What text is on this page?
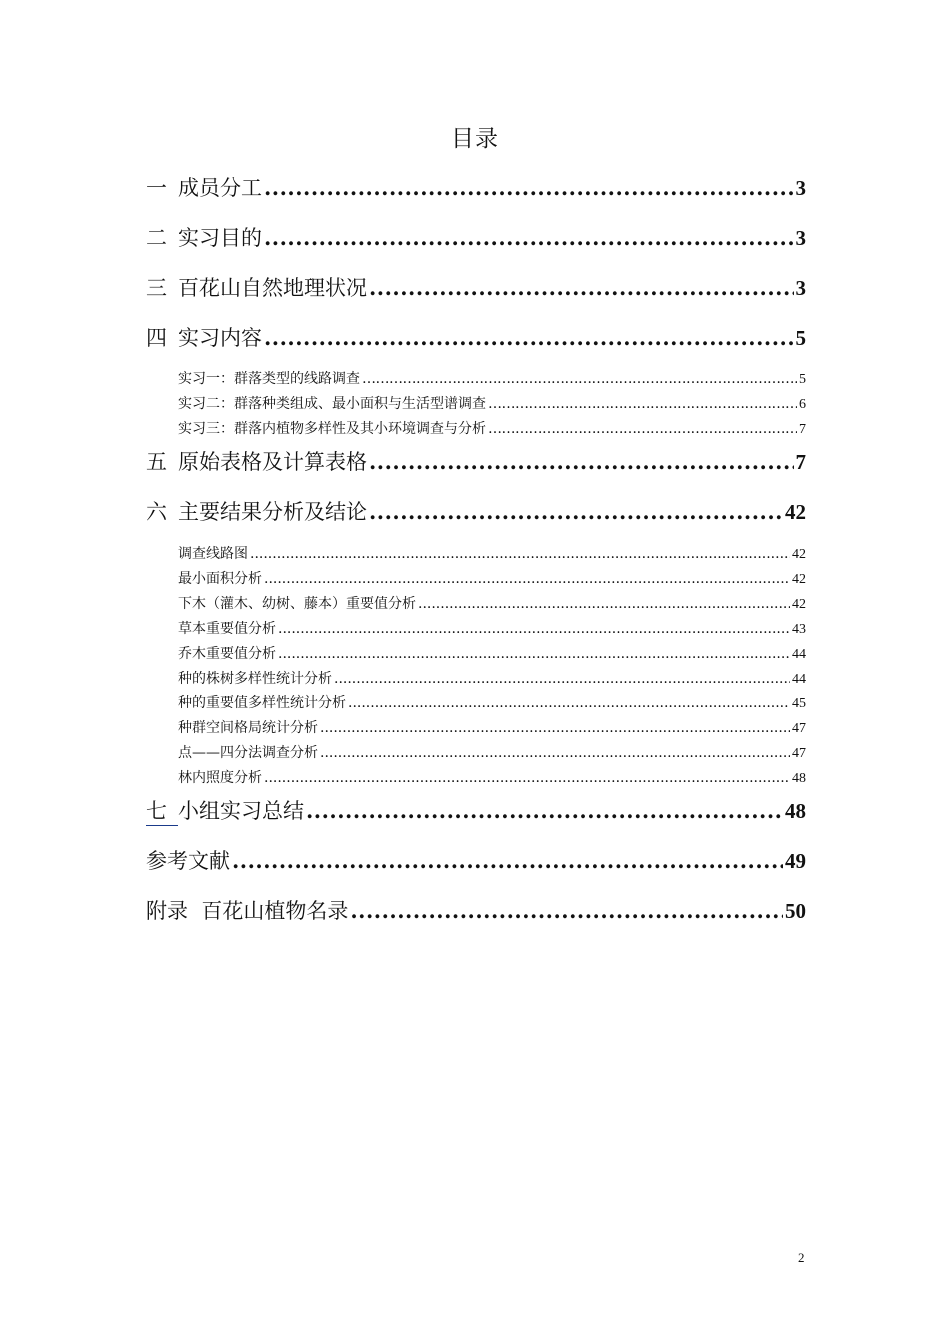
目录
一 成员分工 .....	3
二 实习目的 .....	3
三 百花山自然地理状况 .....	3
四 实习内容 .....	5
实习一：群落类型的线路调查 …………………………………………………………………………………………………………………………………………………………………………………………………………	5
实习二：群落种类组成、最小面积与生活型谱调查 …………………………………………………………………………………………………………………………………………………………………………………………………………	6
实习三：群落内植物多样性及其小环境调查与分析 …………………………………………………………………………………………………………………………………………………………………………………………………………	7
五 原始表格及计算表格 .....	7
六 主要结果分析及结论 .....	42
调查线路图 .....	42
最小面积分析 .....	42
下木（灌木、幼树、藤本）重要值分析 .....	42
草本重要值分析 .....	43
乔木重要值分析 .....	44
种的株树多样性统计分析 .....	44
种的重要值多样性统计分析 .....	45
种群空间格局统计分析 .....	47
点——四分法调查分析 .....	47
林内照度分析 .....	48
七 小组实习总结 .....	48
参考文献 .....	49
附录  百花山植物名录 .....	50
2
